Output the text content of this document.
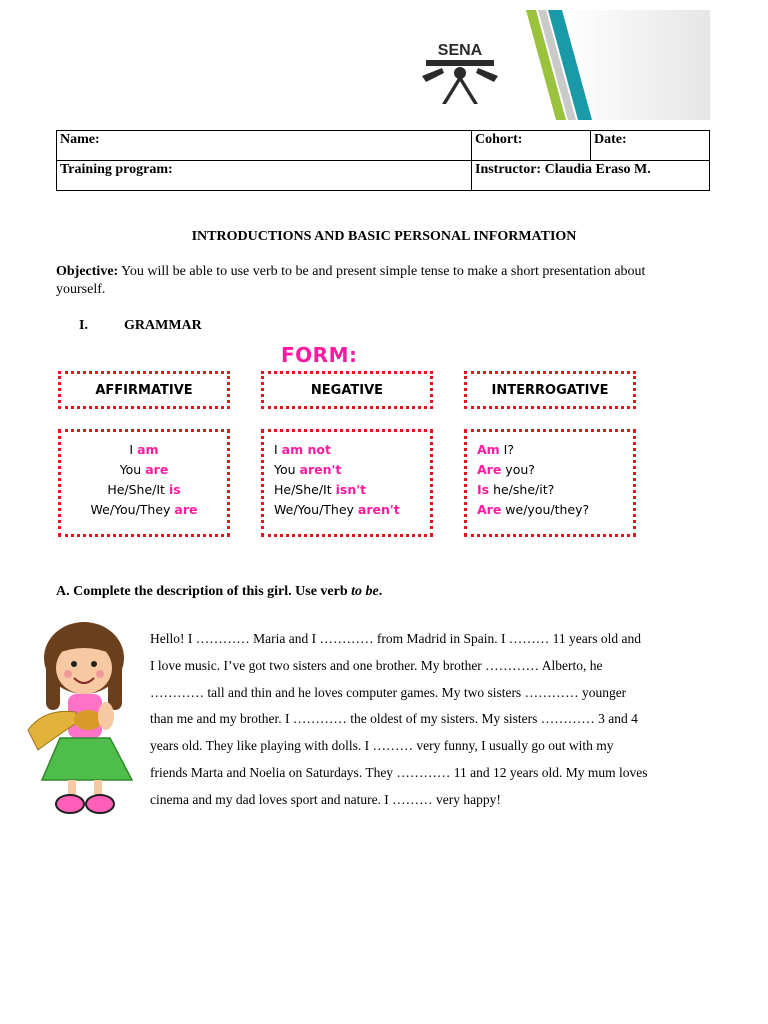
SENA
Name:	Cohort:	Date:
Training program:	Instructor: Claudia Eraso M.	
INTRODUCTIONS AND BASIC PERSONAL INFORMATION
Objective: You will be able to use verb to be and present simple tense to make a short presentation about
yourself.
I.	GRAMMAR
FORM:
AFFIRMATIVE
I am
You are
He/She/It is
We/You/They are
NEGATIVE
I am not
You aren't
He/She/It isn't
We/You/They aren't
INTERROGATIVE
Am I?
Are you?
Is he/she/it?
Are we/you/they?
A. Complete the description of this girl. Use verb to be.

Hello! I ………… Maria and I ………… from Madrid in Spain. I ……… 11 years old and

I love music. I’ve got two sisters and one brother. My brother ………… Alberto, he

………… tall and thin and he loves computer games. My two sisters ………… younger

than me and my brother. I ………… the oldest of my sisters. My sisters ………… 3 and 4

years old. They like playing with dolls. I ……… very funny, I usually go out with my

friends Marta and Noelia on Saturdays. They ………… 11 and 12 years old. My mum loves

cinema and my dad loves sport and nature. I ……… very happy!
